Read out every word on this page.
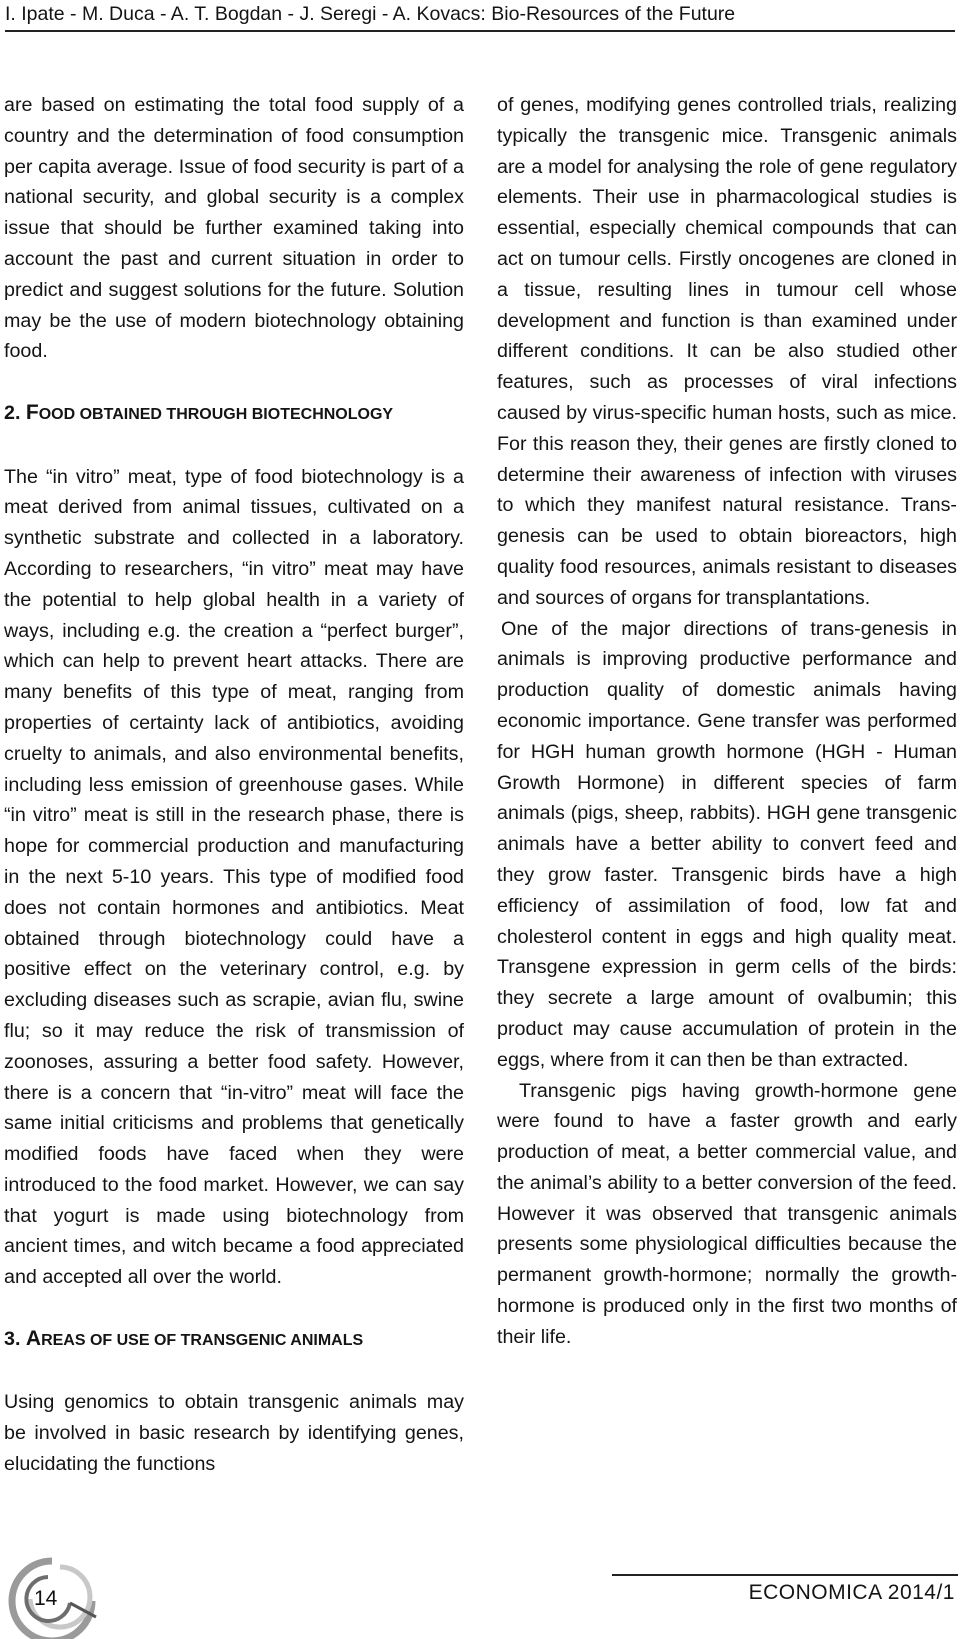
I. Ipate - M. Duca - A. T. Bogdan - J. Seregi - A. Kovacs: Bio-Resources of the Future

are based on estimating the total food supply of a country and the determination of food consumption per capita average. Issue of food security is part of a national security, and global security is a complex issue that should be further examined taking into account the past and current situation in order to predict and suggest solutions for the future. Solution may be the use of modern biotechnology obtaining food.

2. FOOD OBTAINED THROUGH BIOTECHNOLOGY

The “in vitro” meat, type of food biotechnology is a meat derived from animal tissues, cultivated on a synthetic substrate and collected in a laboratory. According to researchers, “in vitro” meat may have the potential to help global health in a variety of ways, including e.g. the creation a “perfect burger”, which can help to prevent heart attacks. There are many benefits of this type of meat, ranging from properties of certainty lack of antibiotics, avoiding cruelty to animals, and also environmental benefits, including less emission of greenhouse gases. While “in vitro” meat is still in the research phase, there is hope for commercial production and manufacturing in the next 5-10 years. This type of modified food does not contain hormones and antibiotics. Meat obtained through biotechnology could have a positive effect on the veterinary control, e.g. by excluding diseases such as scrapie, avian flu, swine flu; so it may reduce the risk of transmission of zoonoses, assuring a better food safety. However, there is a concern that “in-vitro” meat will face the same initial criticisms and problems that genetically modified foods have faced when they were introduced to the food market. However, we can say that yogurt is made using biotechnology from ancient times, and witch became a food appreciated and accepted all over the world.

3. AREAS OF USE OF TRANSGENIC ANIMALS

Using genomics to obtain transgenic animals may be involved in basic research by identifying genes, elucidating the functions

of genes, modifying genes controlled trials, realizing typically the transgenic mice. Transgenic animals are a model for analysing the role of gene regulatory elements. Their use in pharmacological studies is essential, especially chemical compounds that can act on tumour cells. Firstly oncogenes are cloned in a tissue, resulting lines in tumour cell whose development and function is than examined under different conditions. It can be also studied other features, such as processes of viral infections caused by virus-specific human hosts, such as mice. For this reason they, their genes are firstly cloned to determine their awareness of infection with viruses to which they manifest natural resistance. Trans-genesis can be used to obtain bioreactors, high quality food resources, animals resistant to diseases and sources of organs for transplantations.

One of the major directions of trans-genesis in animals is improving productive performance and production quality of domestic animals having economic importance. Gene transfer was performed for HGH human growth hormone (HGH - Human Growth Hormone) in different species of farm animals (pigs, sheep, rabbits). HGH gene transgenic animals have a better ability to convert feed and they grow faster. Transgenic birds have a high efficiency of assimilation of food, low fat and cholesterol content in eggs and high quality meat. Transgene expression in germ cells of the birds: they secrete a large amount of ovalbumin; this product may cause accumulation of protein in the eggs, where from it can then be than extracted.

Transgenic pigs having growth-hormone gene were found to have a faster growth and early production of meat, a better commercial value, and the animal’s ability to a better conversion of the feed. However it was observed that transgenic animals presents some physiological difficulties because the permanent growth-hormone; normally the growth-hormone is produced only in the first two months of their life.

14	ECONOMICA 2014/1
